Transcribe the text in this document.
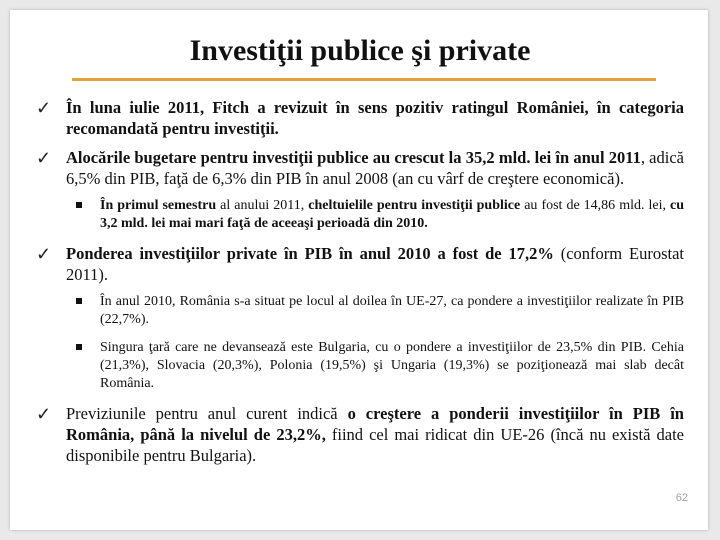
Investiţii publice şi private
✓ În luna iulie 2011, Fitch a revizuit în sens pozitiv ratingul României, în categoria recomandată pentru investiţii.
✓ Alocările bugetare pentru investiţii publice au crescut la 35,2 mld. lei în anul 2011, adică 6,5% din PIB, faţă de 6,3% din PIB în anul 2008 (an cu vârf de creştere economică).
În primul semestru al anului 2011, cheltuielile pentru investiţii publice au fost de 14,86 mld. lei, cu 3,2 mld. lei mai mari faţă de aceeaşi perioadă din 2010.
✓ Ponderea investiţiilor private în PIB în anul 2010 a fost de 17,2% (conform Eurostat 2011).
În anul 2010, România s-a situat pe locul al doilea în UE-27, ca pondere a investiţiilor realizate în PIB (22,7%).
Singura ţară care ne devansează este Bulgaria, cu o pondere a investiţiilor de 23,5% din PIB. Cehia (21,3%), Slovacia (20,3%), Polonia (19,5%) şi Ungaria (19,3%) se poziţionează mai slab decât România.
✓ Previziunile pentru anul curent indică o creştere a ponderii investiţiilor în PIB în România, până la nivelul de 23,2%, fiind cel mai ridicat din UE-26 (încă nu există date disponibile pentru Bulgaria).
62
